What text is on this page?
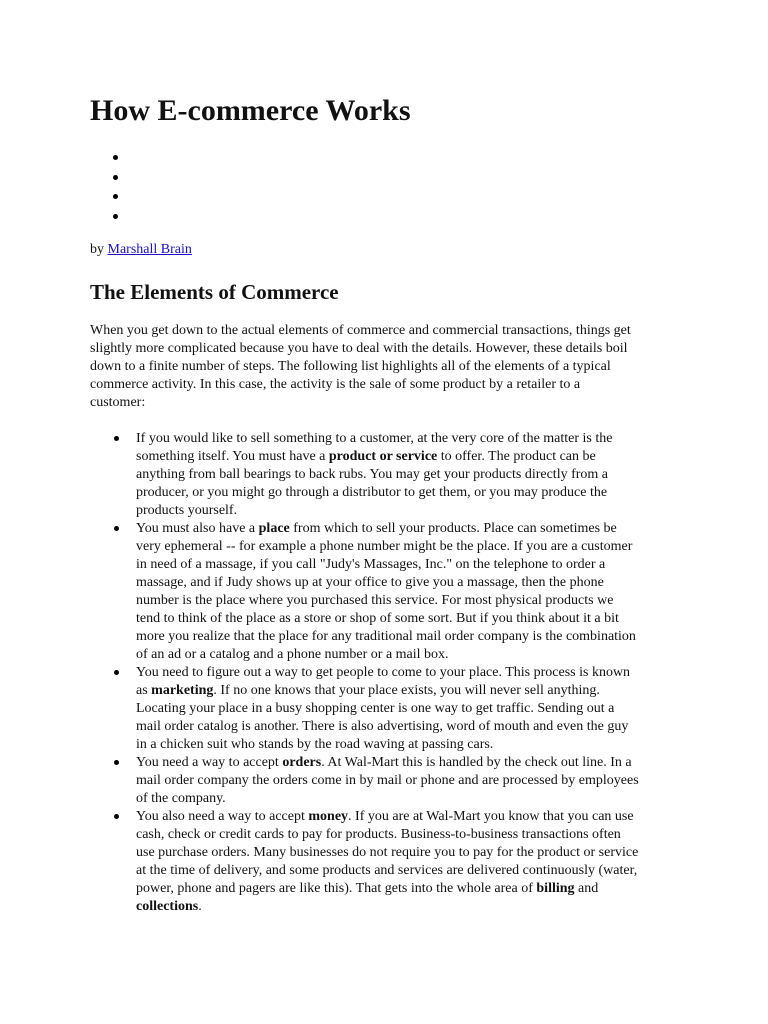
How E-commerce Works
by Marshall Brain
The Elements of Commerce
When you get down to the actual elements of commerce and commercial transactions, things get
slightly more complicated because you have to deal with the details. However, these details boil
down to a finite number of steps. The following list highlights all of the elements of a typical
commerce activity. In this case, the activity is the sale of some product by a retailer to a
customer:
If you would like to sell something to a customer, at the very core of the matter is the
something itself. You must have a product or service to offer. The product can be
anything from ball bearings to back rubs. You may get your products directly from a
producer, or you might go through a distributor to get them, or you may produce the
products yourself.
You must also have a place from which to sell your products. Place can sometimes be
very ephemeral -- for example a phone number might be the place. If you are a customer
in need of a massage, if you call "Judy's Massages, Inc." on the telephone to order a
massage, and if Judy shows up at your office to give you a massage, then the phone
number is the place where you purchased this service. For most physical products we
tend to think of the place as a store or shop of some sort. But if you think about it a bit
more you realize that the place for any traditional mail order company is the combination
of an ad or a catalog and a phone number or a mail box.
You need to figure out a way to get people to come to your place. This process is known
as marketing. If no one knows that your place exists, you will never sell anything.
Locating your place in a busy shopping center is one way to get traffic. Sending out a
mail order catalog is another. There is also advertising, word of mouth and even the guy
in a chicken suit who stands by the road waving at passing cars.
You need a way to accept orders. At Wal-Mart this is handled by the check out line. In a
mail order company the orders come in by mail or phone and are processed by employees
of the company.
You also need a way to accept money. If you are at Wal-Mart you know that you can use
cash, check or credit cards to pay for products. Business-to-business transactions often
use purchase orders. Many businesses do not require you to pay for the product or service
at the time of delivery, and some products and services are delivered continuously (water,
power, phone and pagers are like this). That gets into the whole area of billing and
collections.
